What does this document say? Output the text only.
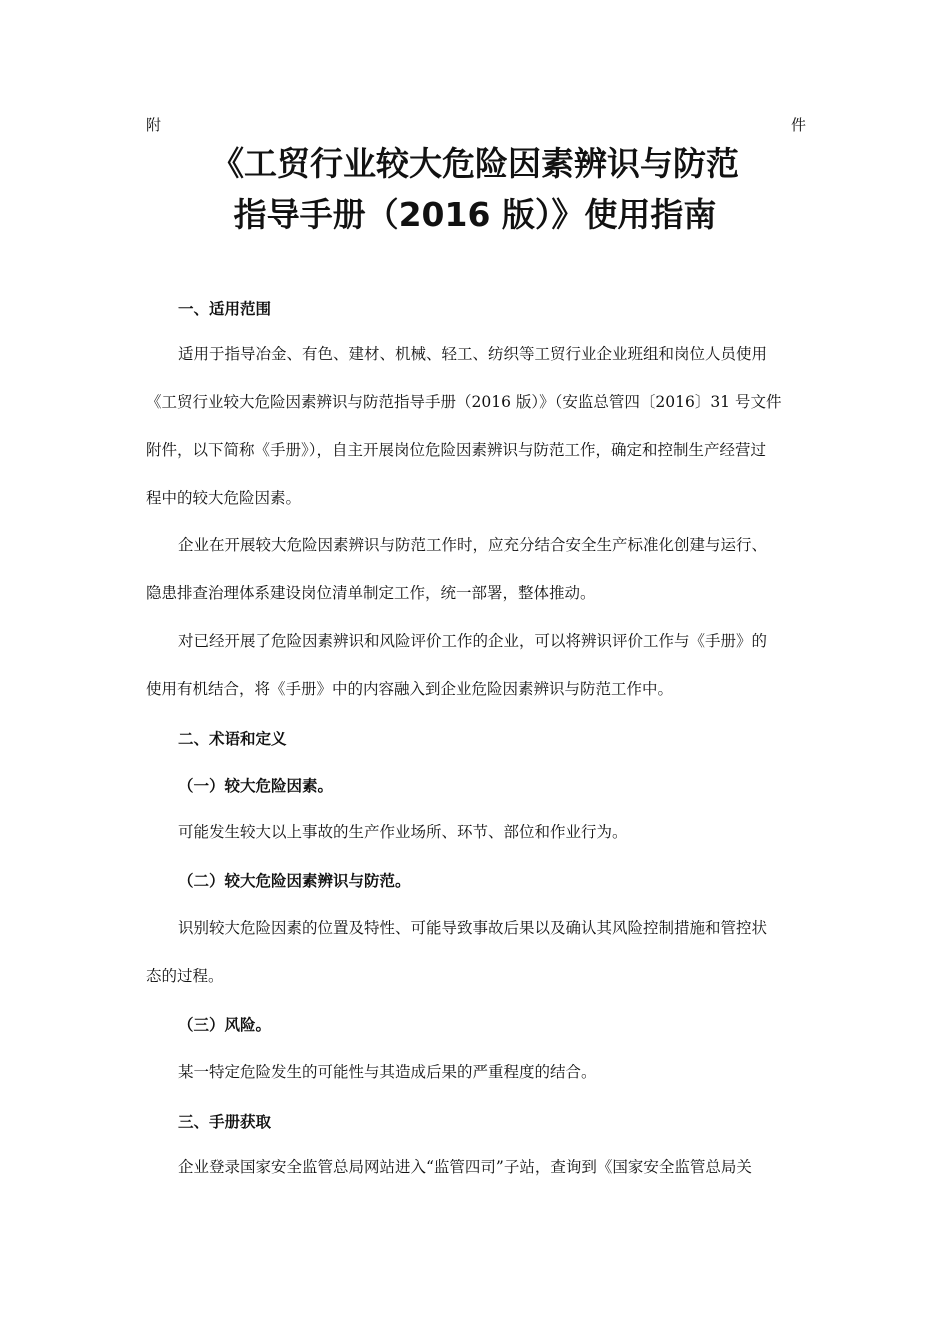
附	件
《工贸行业较大危险因素辨识与防范
指导手册（2016 版）》使用指南
一、适用范围
适用于指导冶金、有色、建材、机械、轻工、纺织等工贸行业企业班组和岗位人员使用
《工贸行业较大危险因素辨识与防范指导手册（2016 版）》（安监总管四〔2016〕31 号文件
附件，以下简称《手册》），自主开展岗位危险因素辨识与防范工作，确定和控制生产经营过
程中的较大危险因素。
企业在开展较大危险因素辨识与防范工作时，应充分结合安全生产标准化创建与运行、
隐患排查治理体系建设岗位清单制定工作，统一部署，整体推动。
对已经开展了危险因素辨识和风险评价工作的企业，可以将辨识评价工作与《手册》的
使用有机结合，将《手册》中的内容融入到企业危险因素辨识与防范工作中。
二、术语和定义
（一）较大危险因素。
可能发生较大以上事故的生产作业场所、环节、部位和作业行为。
（二）较大危险因素辨识与防范。
识别较大危险因素的位置及特性、可能导致事故后果以及确认其风险控制措施和管控状
态的过程。
（三）风险。
某一特定危险发生的可能性与其造成后果的严重程度的结合。
三、手册获取
企业登录国家安全监管总局网站进入“监管四司”子站，查询到《国家安全监管总局关
